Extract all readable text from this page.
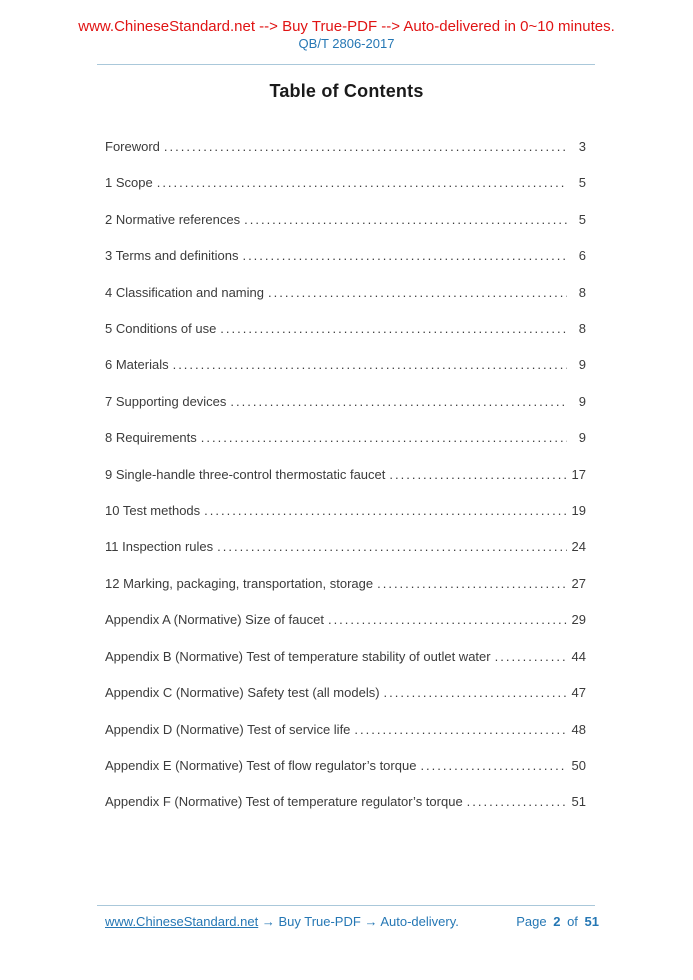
www.ChineseStandard.net --> Buy True-PDF --> Auto-delivered in 0~10 minutes.
QB/T 2806-2017
Table of Contents
Foreword .....	3
1 Scope .....	5
2 Normative references .....	5
3 Terms and definitions .....	6
4 Classification and naming .....	8
5 Conditions of use .....	8
6 Materials .....	9
7 Supporting devices .....	9
8 Requirements .....	9
9 Single-handle three-control thermostatic faucet .....	17
10 Test methods .....	19
11 Inspection rules .....	24
12 Marking, packaging, transportation, storage .....	27
Appendix A (Normative) Size of faucet .....	29
Appendix B (Normative) Test of temperature stability of outlet water .....	44
Appendix C (Normative) Safety test (all models) .....	47
Appendix D (Normative) Test of service life .....	48
Appendix E (Normative) Test of flow regulator’s torque .....	50
Appendix F (Normative) Test of temperature regulator’s torque .....	51
www.ChineseStandard.net → Buy True-PDF → Auto-delivery.	Page 2 of 51
